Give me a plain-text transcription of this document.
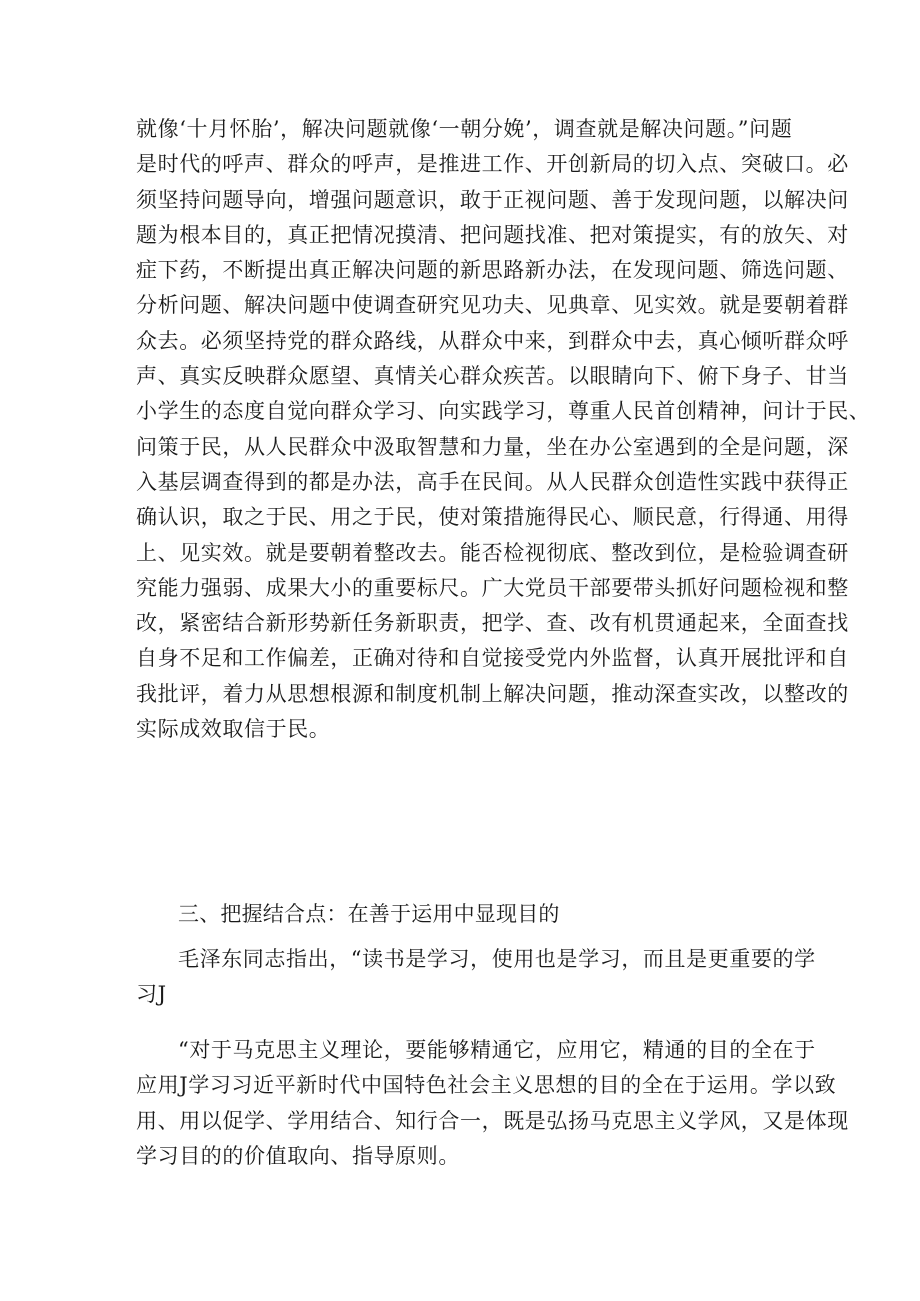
就像‘十月怀胎’，解决问题就像‘一朝分娩’，调查就是解决问题。”问题
是时代的呼声、群众的呼声，是推进工作、开创新局的切入点、突破口。必
须坚持问题导向，增强问题意识，敢于正视问题、善于发现问题，以解决问
题为根本目的，真正把情况摸清、把问题找准、把对策提实，有的放矢、对
症下药，不断提出真正解决问题的新思路新办法，在发现问题、筛选问题、
分析问题、解决问题中使调查研究见功夫、见典章、见实效。就是要朝着群
众去。必须坚持党的群众路线，从群众中来，到群众中去，真心倾听群众呼
声、真实反映群众愿望、真情关心群众疾苦。以眼睛向下、俯下身子、甘当
小学生的态度自觉向群众学习、向实践学习，尊重人民首创精神，问计于民、
问策于民，从人民群众中汲取智慧和力量，坐在办公室遇到的全是问题，深
入基层调查得到的都是办法，高手在民间。从人民群众创造性实践中获得正
确认识，取之于民、用之于民，使对策措施得民心、顺民意，行得通、用得
上、见实效。就是要朝着整改去。能否检视彻底、整改到位，是检验调查研
究能力强弱、成果大小的重要标尺。广大党员干部要带头抓好问题检视和整
改，紧密结合新形势新任务新职责，把学、查、改有机贯通起来，全面查找
自身不足和工作偏差，正确对待和自觉接受党内外监督，认真开展批评和自
我批评，着力从思想根源和制度机制上解决问题，推动深查实改，以整改的
实际成效取信于民。
三、把握结合点：在善于运用中显现目的
毛泽东同志指出，“读书是学习，使用也是学习，而且是更重要的学
习J
“对于马克思主义理论，要能够精通它，应用它，精通的目的全在于
应用J学习习近平新时代中国特色社会主义思想的目的全在于运用。学以致
用、用以促学、学用结合、知行合一，既是弘扬马克思主义学风，又是体现
学习目的的价值取向、指导原则。
